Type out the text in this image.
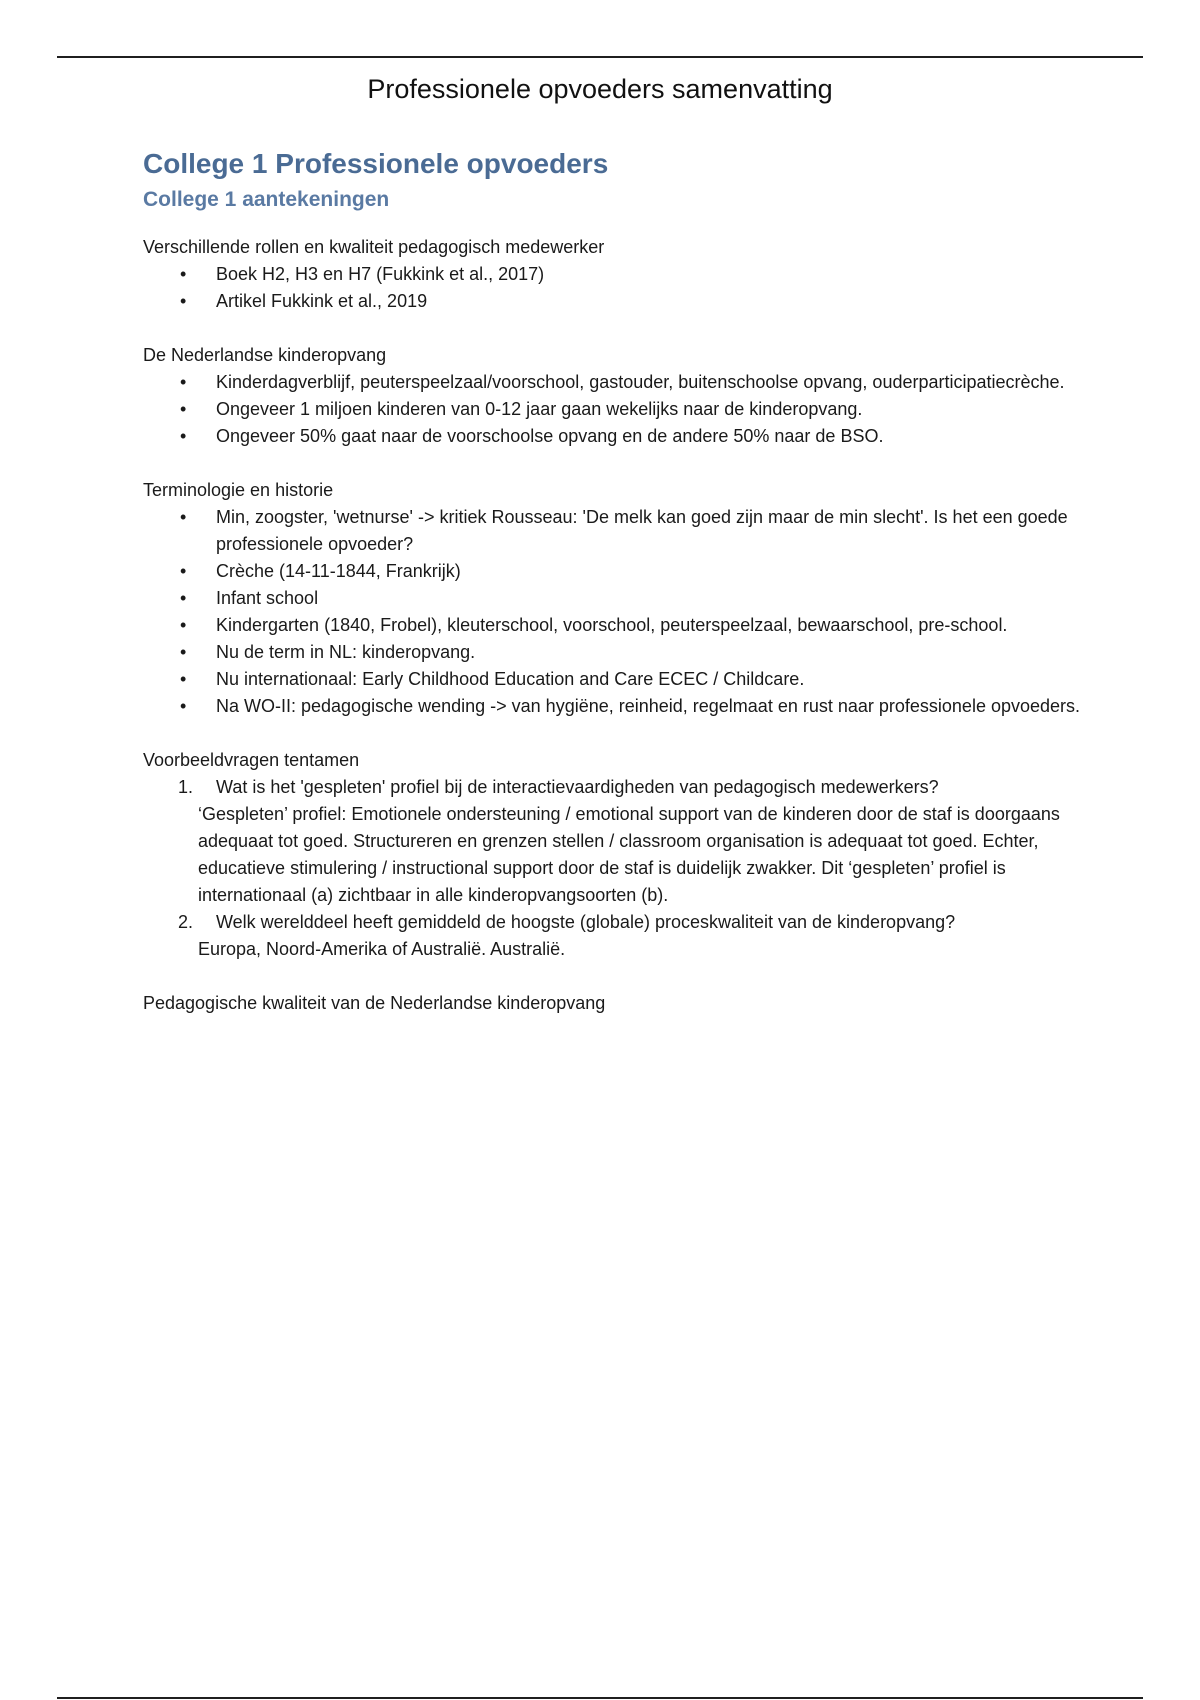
Professionele opvoeders samenvatting
College 1 Professionele opvoeders
College 1 aantekeningen

Verschillende rollen en kwaliteit pedagogisch medewerker

•	Boek H2, H3 en H7 (Fukkink et al., 2017)
•	Artikel Fukkink et al., 2019

De Nederlandse kinderopvang

•	Kinderdagverblijf, peuterspeelzaal/voorschool, gastouder, buitenschoolse opvang, ouderparticipatiecrèche.
•	Ongeveer 1 miljoen kinderen van 0-12 jaar gaan wekelijks naar de kinderopvang.
•	Ongeveer 50% gaat naar de voorschoolse opvang en de andere 50% naar de BSO.

Terminologie en historie

•	Min, zoogster, 'wetnurse' -> kritiek Rousseau: 'De melk kan goed zijn maar de min slecht'. Is het een goede professionele opvoeder?
•	Crèche (14-11-1844, Frankrijk)
•	Infant school
•	Kindergarten (1840, Frobel), kleuterschool, voorschool, peuterspeelzaal, bewaarschool, pre-school.
•	Nu de term in NL: kinderopvang.
•	Nu internationaal: Early Childhood Education and Care ECEC / Childcare.
•	Na WO-II: pedagogische wending -> van hygiëne, reinheid, regelmaat en rust naar professionele opvoeders.

Voorbeeldvragen tentamen

1. Wat is het 'gespleten' profiel bij de interactievaardigheden van pedagogisch medewerkers?
‘Gespleten’ profiel: Emotionele ondersteuning / emotional support van de kinderen door de staf is doorgaans adequaat tot goed. Structureren en grenzen stellen / classroom organisation is adequaat tot goed. Echter, educatieve stimulering / instructional support door de staf is duidelijk zwakker. Dit ‘gespleten’ profiel is internationaal (a) zichtbaar in alle kinderopvangsoorten (b).
2. Welk werelddeel heeft gemiddeld de hoogste (globale) proceskwaliteit van de kinderopvang?
Europa, Noord-Amerika of Australië. Australië.

Pedagogische kwaliteit van de Nederlandse kinderopvang
